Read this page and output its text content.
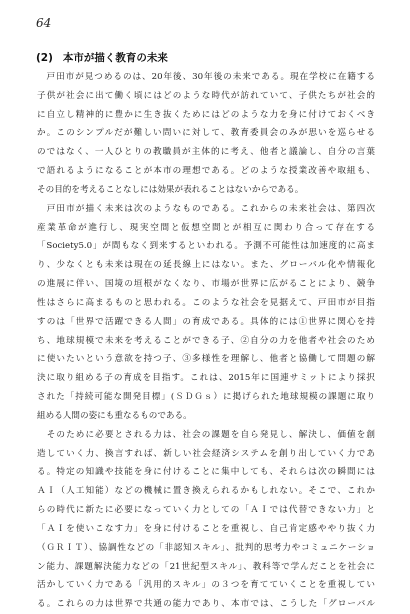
64
(2) 本市が描く教育の未来
　戸田市が見つめるのは、20年後、30年後の未来である。現在学校に在籍する
子供が社会に出て働く頃にはどのような時代が訪れていて、子供たちが社会的
に自立し精神的に豊かに生き抜くためにはどのような力を身に付けておくべき
か。このシンプルだが難しい問いに対して、教育委員会のみが思いを巡らせる
のではなく、一人ひとりの教職員が主体的に考え、他者と議論し、自分の言葉
で語れるようになることが本市の理想である。どのような授業改善や取組も、
その目的を考えることなしには効果が表れることはないからである。
　戸田市が描く未来は次のようなものである。これからの未来社会は、第四次
産業革命が進行し、現実空間と仮想空間とが相互に関わり合って存在する
「Society5.0」が間もなく到来するといわれる。予測不可能性は加速度的に高ま
り、少なくとも未来は現在の延長線上にはない。また、グローバル化や情報化
の進展に伴い、国境の垣根がなくなり、市場が世界に広がることにより、競争
性はさらに高まるものと思われる。このような社会を見据えて、戸田市が目指
すのは「世界で活躍できる人間」の育成である。具体的には①世界に関心を持
ち、地球規模で未来を考えることができる子、②自分の力を他者や社会のため
に使いたいという意欲を持つ子、③多様性を理解し、他者と協働して問題の解
決に取り組める子の育成を目指す。これは、2015年に国連サミットにより採択
された「持続可能な開発目標」(ＳＤＧｓ）に掲げられた地球規模の課題に取り
組める人間の姿にも重なるものである。
　そのために必要とされる力は、社会の課題を自ら発見し、解決し、価値を創
造していく力、換言すれば、新しい社会経済システムを創り出していく力であ
る。特定の知識や技能を身に付けることに集中しても、それらは次の瞬間には
ＡＩ（人工知能）などの機械に置き換えられるかもしれない。そこで、これか
らの時代に新たに必要になっていく力としての「ＡＩでは代替できない力」と
「ＡＩを使いこなす力」を身に付けることを重視し、自己肯定感ややり抜く力
（ＧＲＩＴ）、協調性などの「非認知スキル」、批判的思考力やコミュニケーショ
ン能力、課題解決能力などの「21世紀型スキル」、教科等で学んだことを社会に
活かしていく力である「汎用的スキル」の３つを育てていくことを重視してい
る。これらの力は世界で共通の能力であり、本市では、こうした「グローバル
